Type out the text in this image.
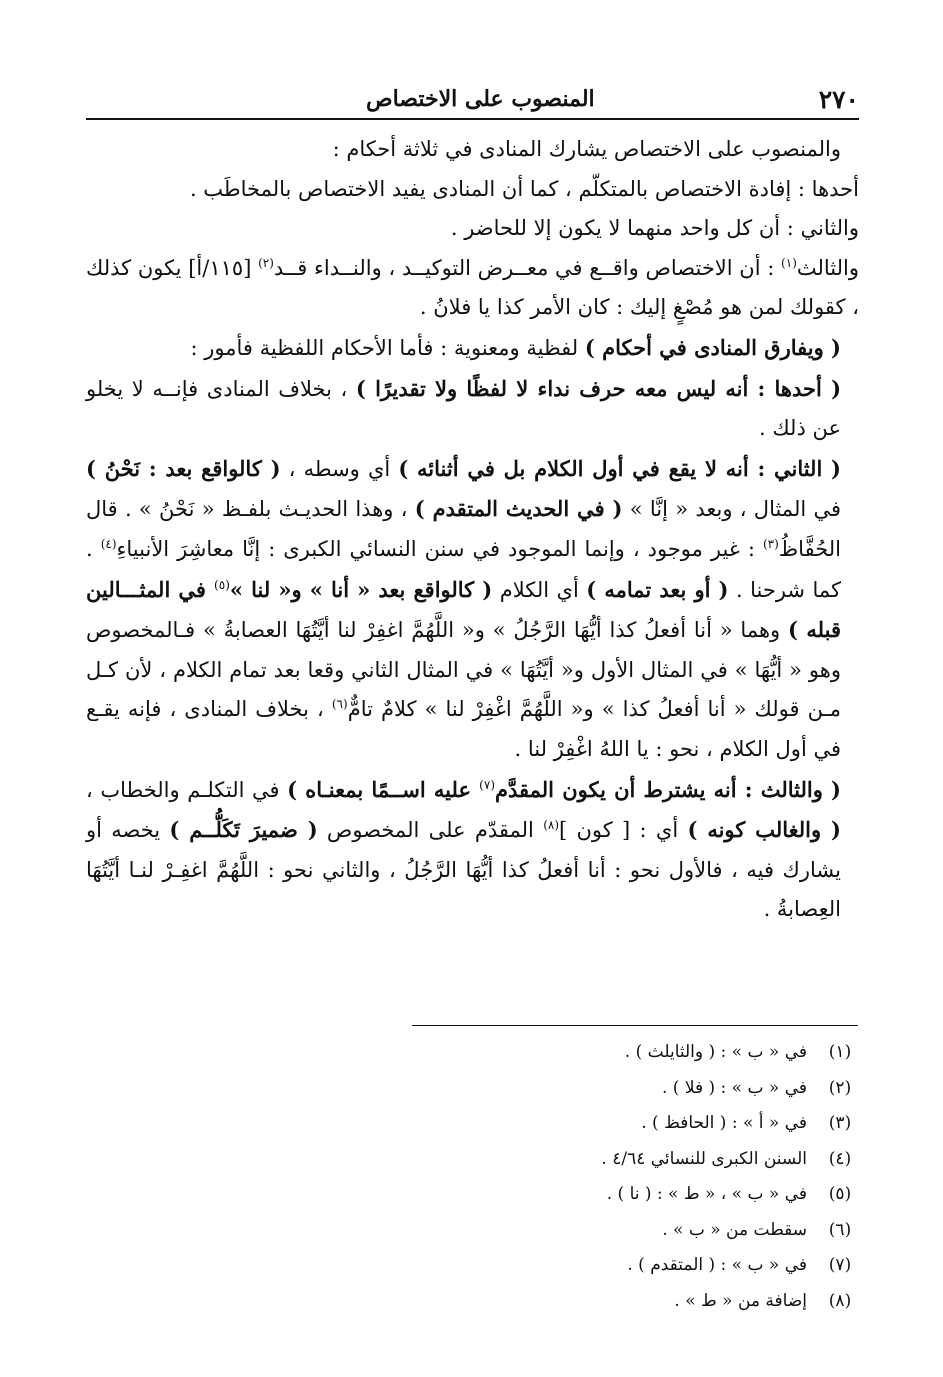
٢٧٠
المنصوب على الاختصاص
والمنصوب على الاختصاص يشارك المنادى في ثلاثة أحكام :
أحدها : إفادة الاختصاص بالمتكلّم ، كما أن المنادى يفيد الاختصاص بالمخاطَب .
والثاني : أن كل واحد منهما لا يكون إلا للحاضر .
والثالث$^{(١)}$ : أن الاختصاص واقــع في معــرض التوكيــد ، والنــداء قــد$^{(٢)}$ [١١٥/أ] يكون كذلك ، كقولك لمن هو مُصْغٍ إليك : كان الأمر كذا يا فلانُ .
( ويفارق المنادى في أحكام ) لفظية ومعنوية : فأما الأحكام اللفظية فأمور :
( أحدها : أنه ليس معه حرف نداء لا لفظًا ولا تقديرًا ) ، بخلاف المنادى فإنــه لا يخلو عن ذلك .
( الثاني : أنه لا يقع في أول الكلام بل في أثنائه ) أي وسطه ، ( كالواقع بعد : نَحْنُ ) في المثال ، وبعد « إنَّا » ( في الحديث المتقدم ) ، وهذا الحديـث بلفـظ « نَحْنُ » . قال الحُفَّاظُ$^{(٣)}$ : غير موجود ، وإنما الموجود في سنن النسائي الكبرى : إنَّا معاشِرَ الأنبياءِ$^{(٤)}$ . كما شرحنا . ( أو بعد تمامه ) أي الكلام ( كالواقع بعد « أنا » و« لنا »$^{(٥)}$ في المثـــالين قبله ) وهما « أنا أفعلُ كذا أيُّهَا الرَّجُلُ » و« اللَّهُمَّ اغفِرْ لنا أيَّتُهَا العصابةُ » فـالمخصوص وهو « أيُّهَا » في المثال الأول و« أيَّتُهَا » في المثال الثاني وقعا بعد تمام الكلام ، لأن كـل مـن قولك « أنا أفعلُ كذا » و« اللَّهُمَّ اغْفِرْ لنا » كلامٌ تامٌّ$^{(٦)}$ ، بخلاف المنادى ، فإنه يقـع في أول الكلام ، نحو : يا اللهُ اغْفِرْ لنا .
( والثالث : أنه يشترط أن يكون المقدَّم$^{(٧)}$ عليه اســمًا بمعنـاه ) في التكلـم والخطاب ، ( والغالب كونه ) أي : [ كون ]$^{(٨)}$ المقدّم على المخصوص ( ضميرَ تَكَلُّــم ) يخصه أو يشارك فيه ، فالأول نحو : أنا أفعلُ كذا أيُّهَا الرَّجُلُ ، والثاني نحو : اللَّهُمَّ اغفِـرْ لنـا أيَّتُهَا العِصابةُ .
(١)
في « ب » : ( والثايلث ) .
(٢)
في « ب » : ( فلا ) .
(٣)
في « أ » : ( الحافظ ) .
(٤)
السنن الكبرى للنسائي ٤/٦٤ .
(٥)
في « ب » ، « ط » : ( نا ) .
(٦)
سقطت من « ب » .
(٧)
في « ب » : ( المتقدم ) .
(٨)
إضافة من « ط » .
